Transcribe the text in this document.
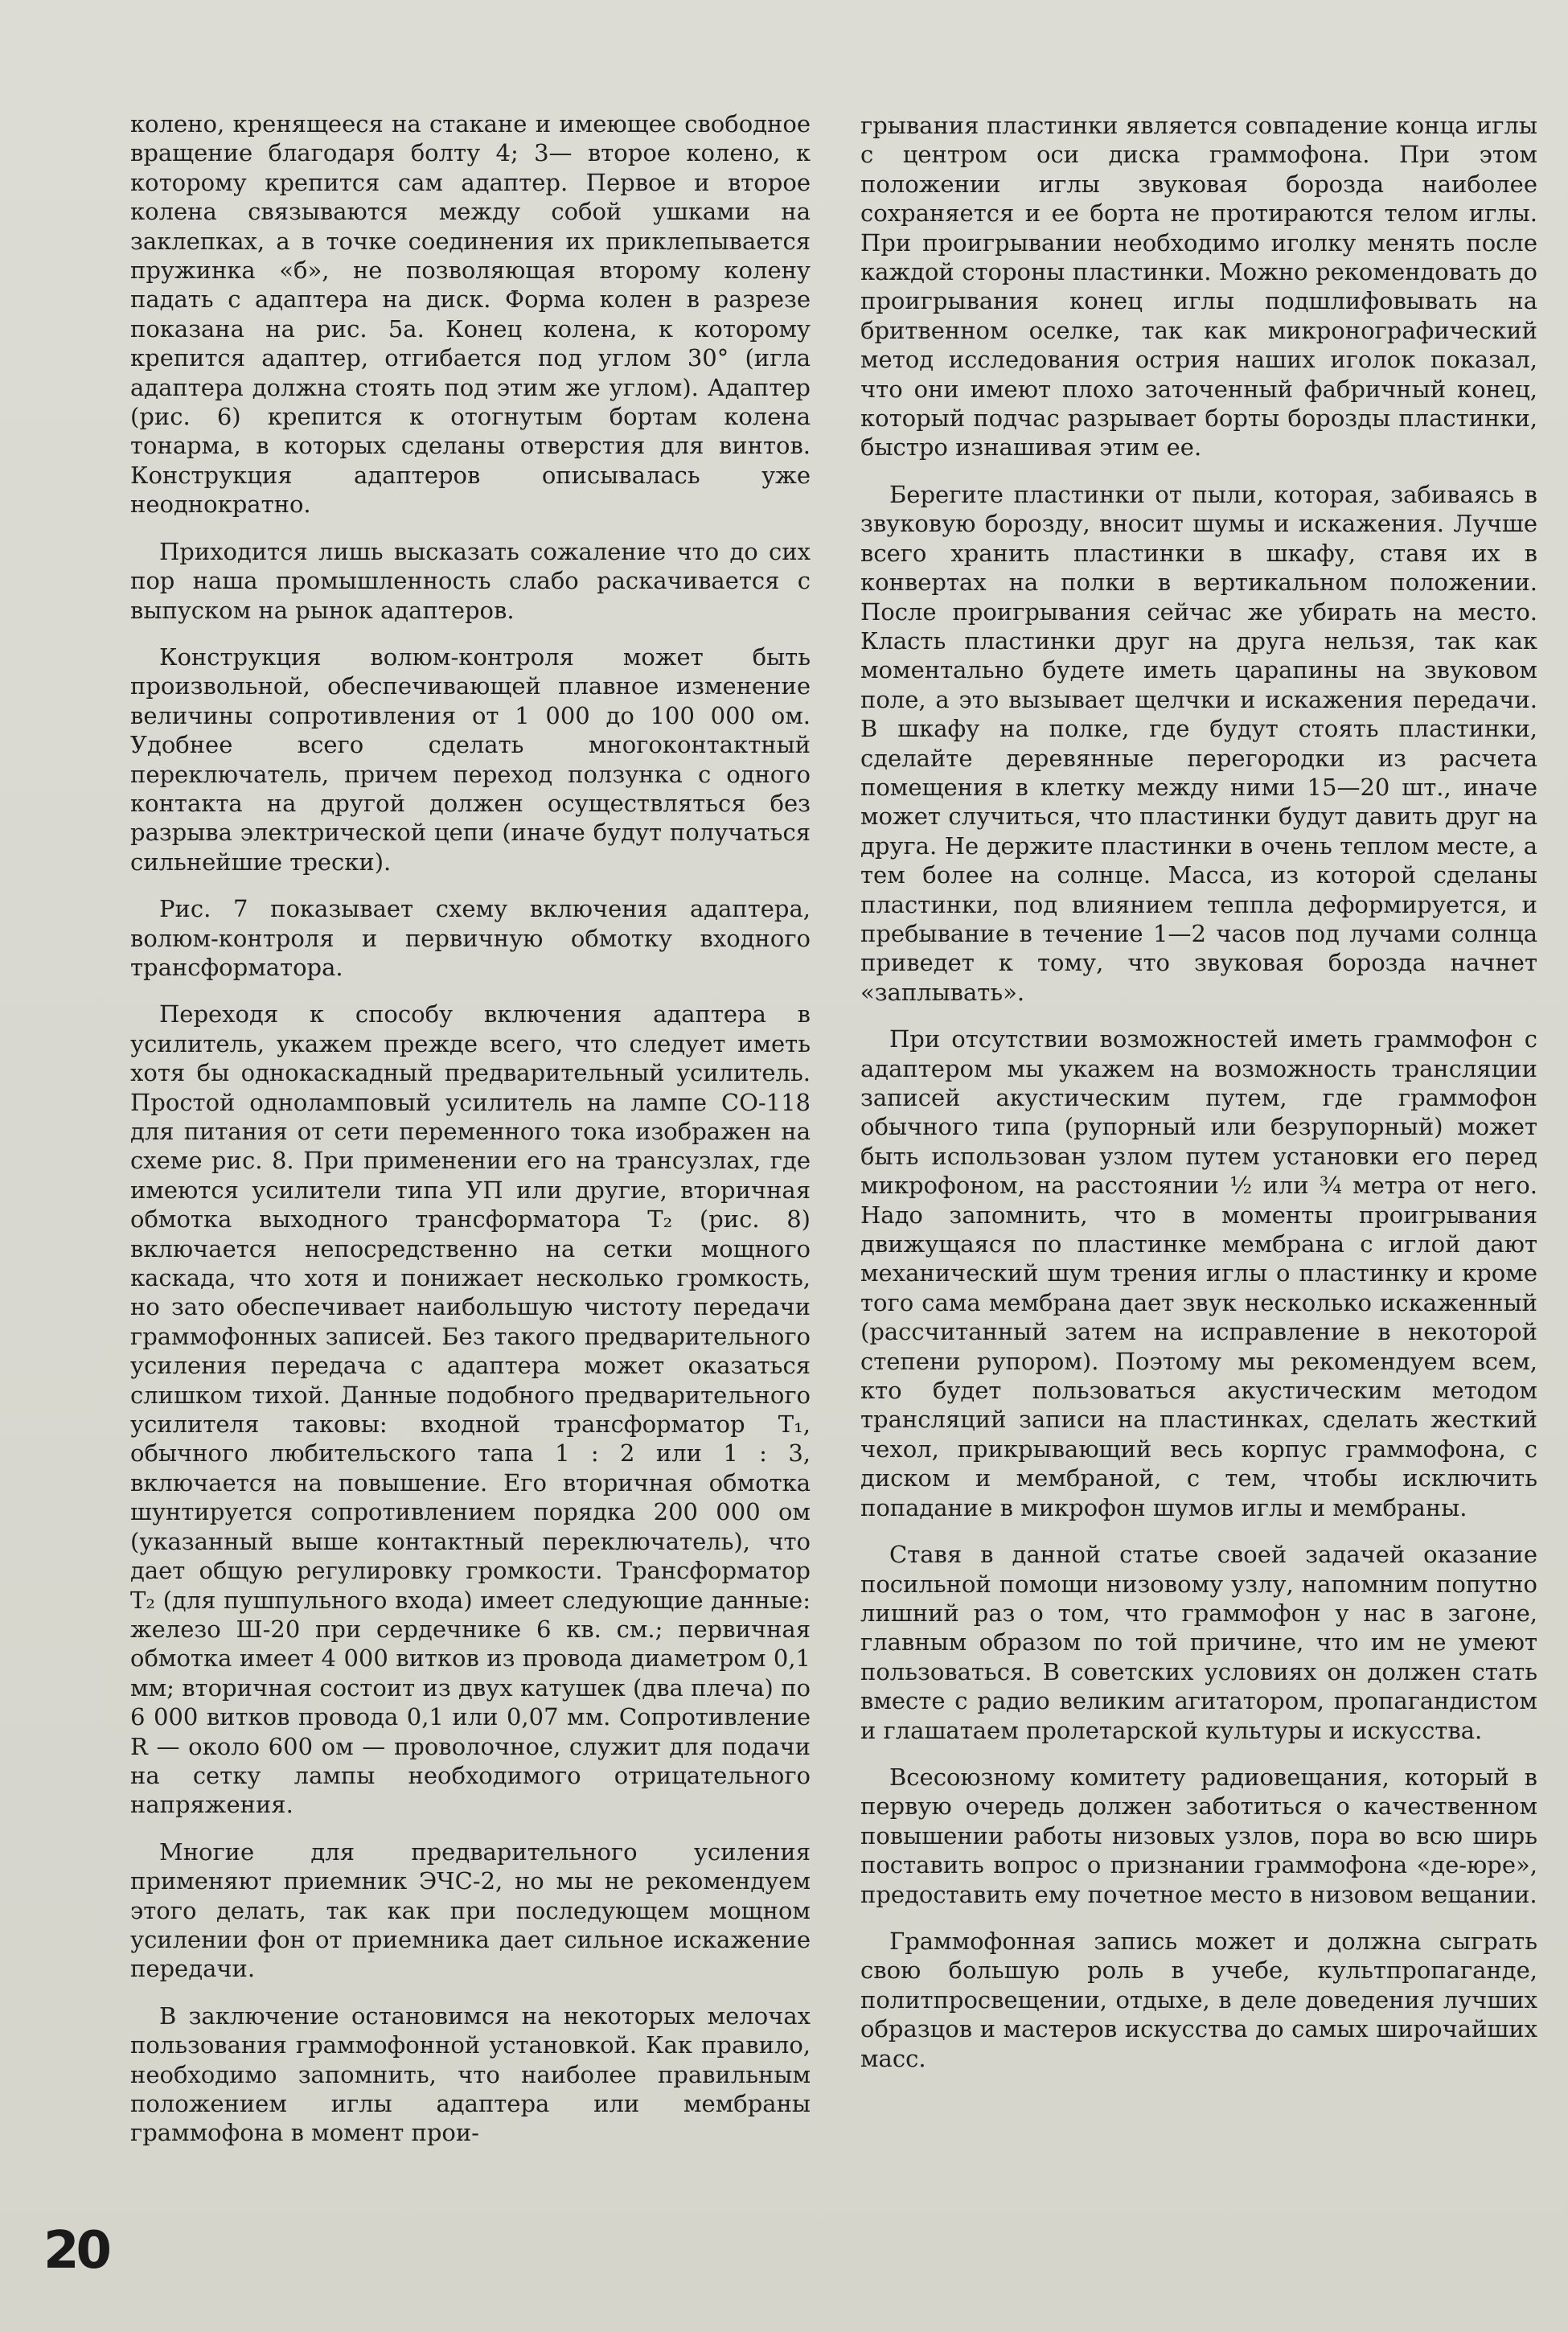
колено, кренящееся на стакане и имеющее свободное вращение благодаря болту 4; 3— второе колено, к которому крепится сам адаптер. Первое и второе колена связываются между собой ушками на заклепках, а в точке соединения их приклепывается пружинка «б», не позволяющая второму колену падать с адаптера на диск. Форма колен в разрезе показана на рис. 5а. Конец колена, к которому крепится адаптер, отгибается под углом 30° (игла адаптера должна стоять под этим же углом). Адаптер (рис. 6) крепится к отогнутым бортам колена тонарма, в которых сделаны отверстия для винтов. Конструкция адаптеров описывалась уже неоднократно.

Приходится лишь высказать сожаление что до сих пор наша промышленность слабо раскачивается с выпуском на рынок адаптеров.

Конструкция волюм-контроля может быть произвольной, обеспечивающей плавное изменение величины сопротивления от 1 000 до 100 000 ом. Удобнее всего сделать многоконтактный переключатель, причем переход ползунка с одного контакта на другой должен осуществляться без разрыва электрической цепи (иначе будут получаться сильнейшие трески).

Рис. 7 показывает схему включения адаптера, волюм-контроля и первичную обмотку входного трансформатора.

Переходя к способу включения адаптера в усилитель, укажем прежде всего, что следует иметь хотя бы однокаскадный предварительный усилитель. Простой одноламповый усилитель на лампе СО-118 для питания от сети переменного тока изображен на схеме рис. 8. При применении его на трансузлах, где имеются усилители типа УП или другие, вторичная обмотка выходного трансформатора Т₂ (рис. 8) включается непосредственно на сетки мощного каскада, что хотя и понижает несколько громкость, но зато обеспечивает наибольшую чистоту передачи граммофонных записей. Без такого предварительного усиления передача с адаптера может оказаться слишком тихой. Данные подобного предварительного усилителя таковы: входной трансформатор Т₁, обычного любительского тапа 1 : 2 или 1 : 3, включается на повышение. Его вторичная обмотка шунтируется сопротивлением порядка 200 000 ом (указанный выше контактный переключатель), что дает общую регулировку громкости. Трансформатор Т₂ (для пушпульного входа) имеет следующие данные: железо Ш-20 при сердечнике 6 кв. см.; первичная обмотка имеет 4 000 витков из провода диаметром 0,1 мм; вторичная состоит из двух катушек (два плеча) по 6 000 витков провода 0,1 или 0,07 мм. Сопротивление R — около 600 ом — проволочное, служит для подачи на сетку лампы необходимого отрицательного напряжения.

Многие для предварительного усиления применяют приемник ЭЧС-2, но мы не рекомендуем этого делать, так как при последующем мощном усилении фон от приемника дает сильное искажение передачи.

В заключение остановимся на некоторых мелочах пользования граммофонной установкой. Как правило, необходимо запомнить, что наиболее правильным положением иглы адаптера или мембраны граммофона в момент прои-

грывания пластинки является совпадение конца иглы с центром оси диска граммофона. При этом положении иглы звуковая борозда наиболее сохраняется и ее борта не протираются телом иглы. При проигрывании необходимо иголку менять после каждой стороны пластинки. Можно рекомендовать до проигрывания конец иглы подшлифовывать на бритвенном оселке, так как микронографический метод исследования острия наших иголок показал, что они имеют плохо заточенный фабричный конец, который подчас разрывает борты борозды пластинки, быстро изнашивая этим ее.

Берегите пластинки от пыли, которая, забиваясь в звуковую борозду, вносит шумы и искажения. Лучше всего хранить пластинки в шкафу, ставя их в конвертах на полки в вертикальном положении. После проигрывания сейчас же убирать на место. Класть пластинки друг на друга нельзя, так как моментально будете иметь царапины на звуковом поле, а это вызывает щелчки и искажения передачи. В шкафу на полке, где будут стоять пластинки, сделайте деревянные перегородки из расчета помещения в клетку между ними 15—20 шт., иначе может случиться, что пластинки будут давить друг на друга. Не держите пластинки в очень теплом месте, а тем более на солнце. Масса, из которой сделаны пластинки, под влиянием теппла деформируется, и пребывание в течение 1—2 часов под лучами солнца приведет к тому, что звуковая борозда начнет «заплывать».

При отсутствии возможностей иметь граммофон с адаптером мы укажем на возможность трансляции записей акустическим путем, где граммофон обычного типа (рупорный или безрупорный) может быть использован узлом путем установки его перед микрофоном, на расстоянии ½ или ¾ метра от него. Надо запомнить, что в моменты проигрывания движущаяся по пластинке мембрана с иглой дают механический шум трения иглы о пластинку и кроме того сама мембрана дает звук несколько искаженный (рассчитанный затем на исправление в некоторой степени рупором). Поэтому мы рекомендуем всем, кто будет пользоваться акустическим методом трансляций записи на пластинках, сделать жесткий чехол, прикрывающий весь корпус граммофона, с диском и мембраной, с тем, чтобы исключить попадание в микрофон шумов иглы и мембраны.

Ставя в данной статье своей задачей оказание посильной помощи низовому узлу, напомним попутно лишний раз о том, что граммофон у нас в загоне, главным образом по той причине, что им не умеют пользоваться. В советских условиях он должен стать вместе с радио великим агитатором, пропагандистом и глашатаем пролетарской культуры и искусства.

Всесоюзному комитету радиовещания, который в первую очередь должен заботиться о качественном повышении работы низовых узлов, пора во всю ширь поставить вопрос о признании граммофона «де-юре», предоставить ему почетное место в низовом вещании.

Граммофонная запись может и должна сыграть свою большую роль в учебе, культпропаганде, политпросвещении, отдыхе, в деле доведения лучших образцов и мастеров искусства до самых широчайших масс.

20
